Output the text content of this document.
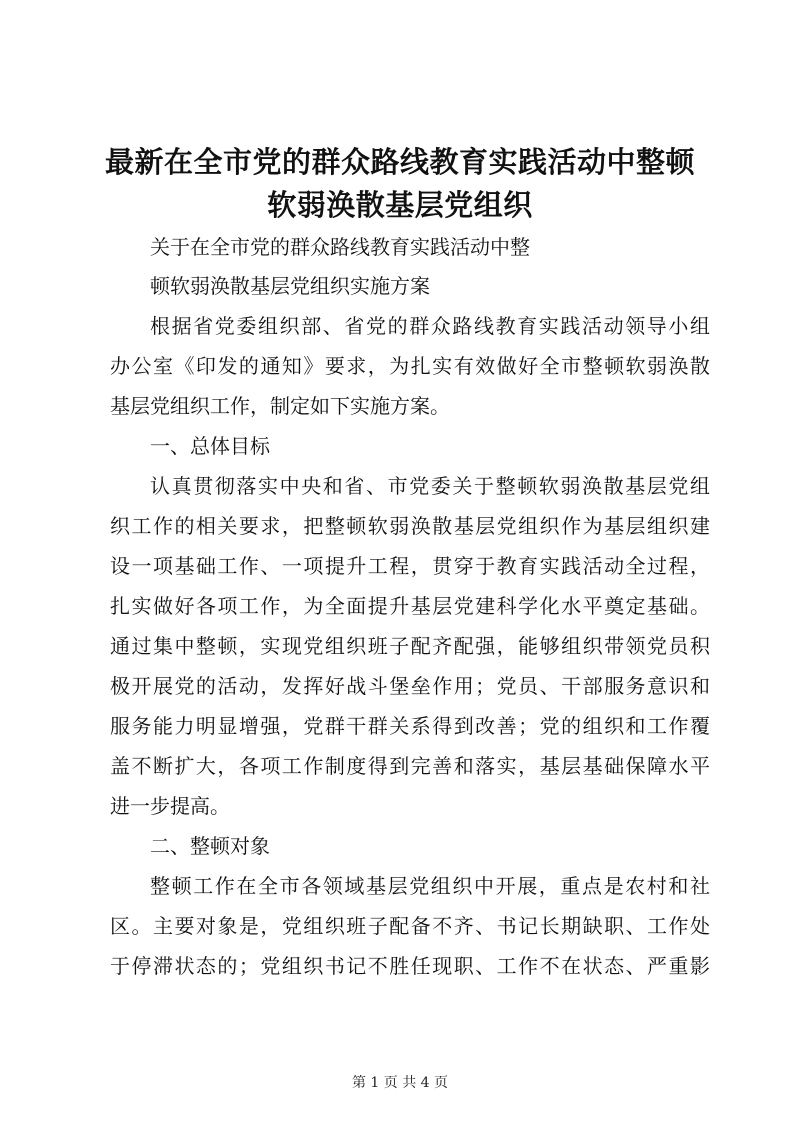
最新在全市党的群众路线教育实践活动中整顿
软弱涣散基层党组织
关于在全市党的群众路线教育实践活动中整
顿软弱涣散基层党组织实施方案
根据省党委组织部、省党的群众路线教育实践活动领导小组
办公室《印发的通知》要求，为扎实有效做好全市整顿软弱涣散
基层党组织工作，制定如下实施方案。
一、总体目标
认真贯彻落实中央和省、市党委关于整顿软弱涣散基层党组
织工作的相关要求，把整顿软弱涣散基层党组织作为基层组织建
设一项基础工作、一项提升工程，贯穿于教育实践活动全过程，
扎实做好各项工作，为全面提升基层党建科学化水平奠定基础。
通过集中整顿，实现党组织班子配齐配强，能够组织带领党员积
极开展党的活动，发挥好战斗堡垒作用；党员、干部服务意识和
服务能力明显增强，党群干群关系得到改善；党的组织和工作覆
盖不断扩大，各项工作制度得到完善和落实，基层基础保障水平
进一步提高。
二、整顿对象
整顿工作在全市各领域基层党组织中开展，重点是农村和社
区。主要对象是，党组织班子配备不齐、书记长期缺职、工作处
于停滞状态的；党组织书记不胜任现职、工作不在状态、严重影
第 1 页 共 4 页
